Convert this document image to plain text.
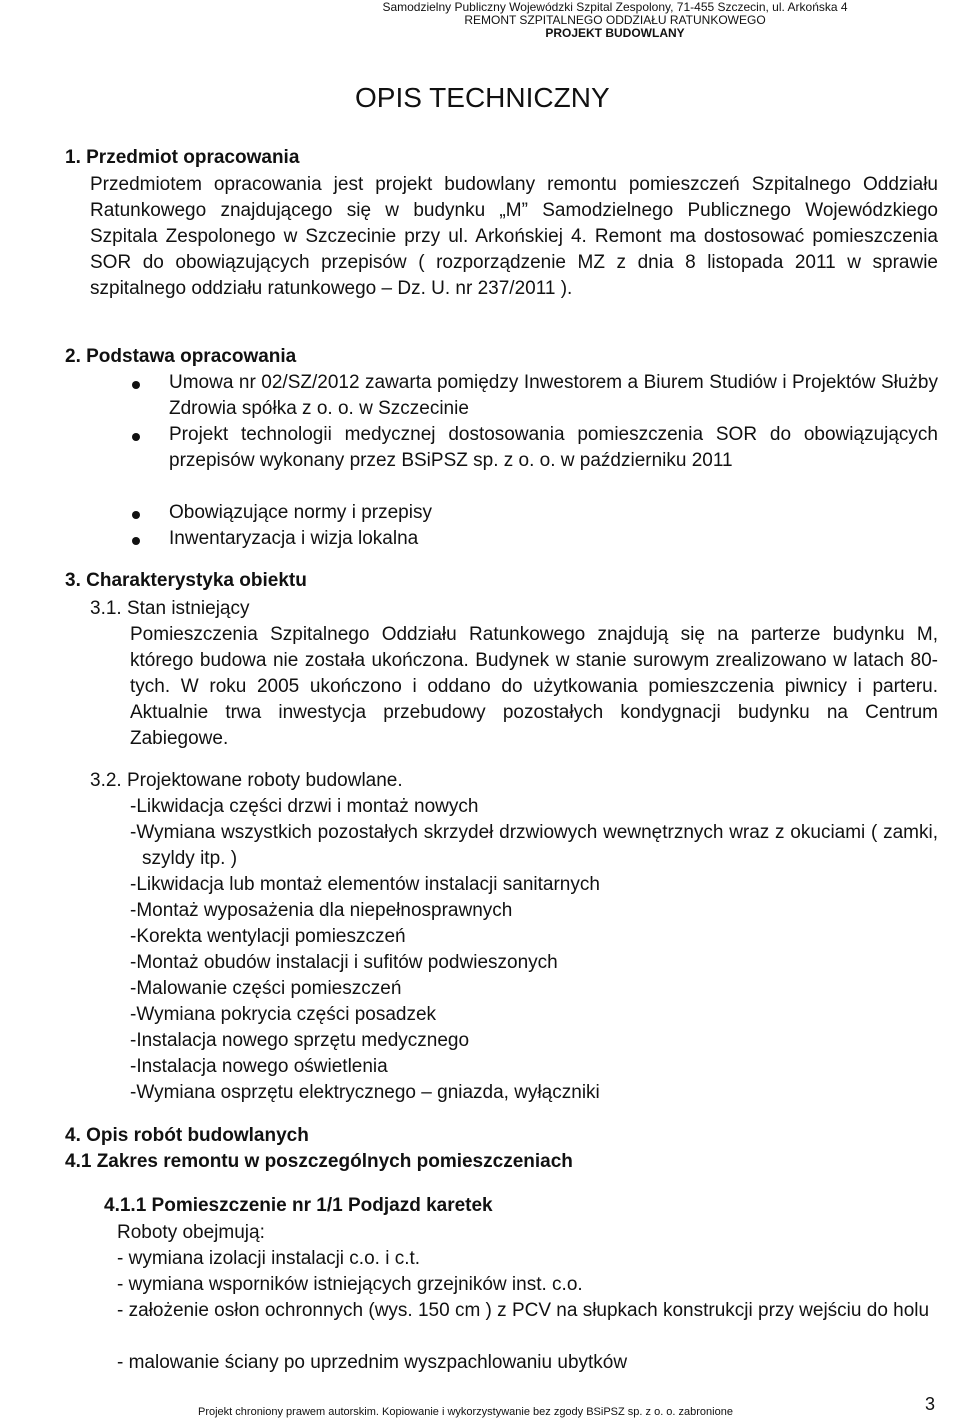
Samodzielny Publiczny Wojewódzki Szpital Zespolony, 71-455 Szczecin, ul. Arkońska 4
REMONT SZPITALNEGO ODDZIAŁU RATUNKOWEGO
PROJEKT BUDOWLANY
OPIS TECHNICZNY
1. Przedmiot opracowania
Przedmiotem opracowania jest projekt budowlany remontu pomieszczeń Szpitalnego Oddziału Ratunkowego znajdującego się w budynku „M” Samodzielnego Publicznego Wojewódzkiego Szpitala Zespolonego w Szczecinie przy ul. Arkońskiej 4. Remont ma dostosować pomieszczenia SOR do obowiązujących przepisów ( rozporządzenie MZ z dnia 8 listopada 2011 w sprawie szpitalnego oddziału ratunkowego – Dz. U. nr 237/2011 ).
2. Podstawa opracowania
Umowa nr 02/SZ/2012 zawarta pomiędzy Inwestorem a Biurem Studiów i Projektów Służby Zdrowia spółka z o. o. w Szczecinie
Projekt technologii medycznej dostosowania pomieszczenia SOR do obowiązujących przepisów wykonany przez BSiPSZ sp. z o. o. w październiku 2011
Obowiązujące normy i przepisy
Inwentaryzacja i wizja lokalna
3. Charakterystyka obiektu
3.1. Stan istniejący
Pomieszczenia Szpitalnego Oddziału Ratunkowego znajdują się na parterze budynku M, którego budowa nie została ukończona. Budynek w stanie surowym zrealizowano w latach 80-tych. W roku 2005 ukończono i oddano do użytkowania pomieszczenia piwnicy i parteru. Aktualnie trwa inwestycja przebudowy pozostałych kondygnacji budynku na Centrum Zabiegowe.
3.2. Projektowane roboty budowlane.
-Likwidacja części drzwi i montaż nowych
-Wymiana wszystkich pozostałych skrzydeł drzwiowych wewnętrznych wraz z okuciami ( zamki, szyldy itp. )
-Likwidacja lub montaż elementów instalacji sanitarnych
-Montaż wyposażenia dla niepełnosprawnych
-Korekta wentylacji pomieszczeń
-Montaż obudów instalacji i sufitów podwieszonych
-Malowanie części pomieszczeń
-Wymiana pokrycia części posadzek
-Instalacja nowego sprzętu medycznego
-Instalacja nowego oświetlenia
-Wymiana osprzętu elektrycznego – gniazda, wyłączniki
4. Opis robót budowlanych
4.1 Zakres remontu w poszczególnych pomieszczeniach
4.1.1 Pomieszczenie nr 1/1 Podjazd karetek
Roboty obejmują:
- wymiana izolacji instalacji c.o. i c.t.
- wymiana wsporników istniejących grzejników inst. c.o.
- założenie osłon ochronnych (wys. 150 cm ) z PCV na słupkach konstrukcji przy wejściu do holu
- malowanie ściany po uprzednim wyszpachlowaniu ubytków
Projekt chroniony prawem autorskim. Kopiowanie i wykorzystywanie bez zgody BSiPSZ sp. z o. o. zabronione	3
